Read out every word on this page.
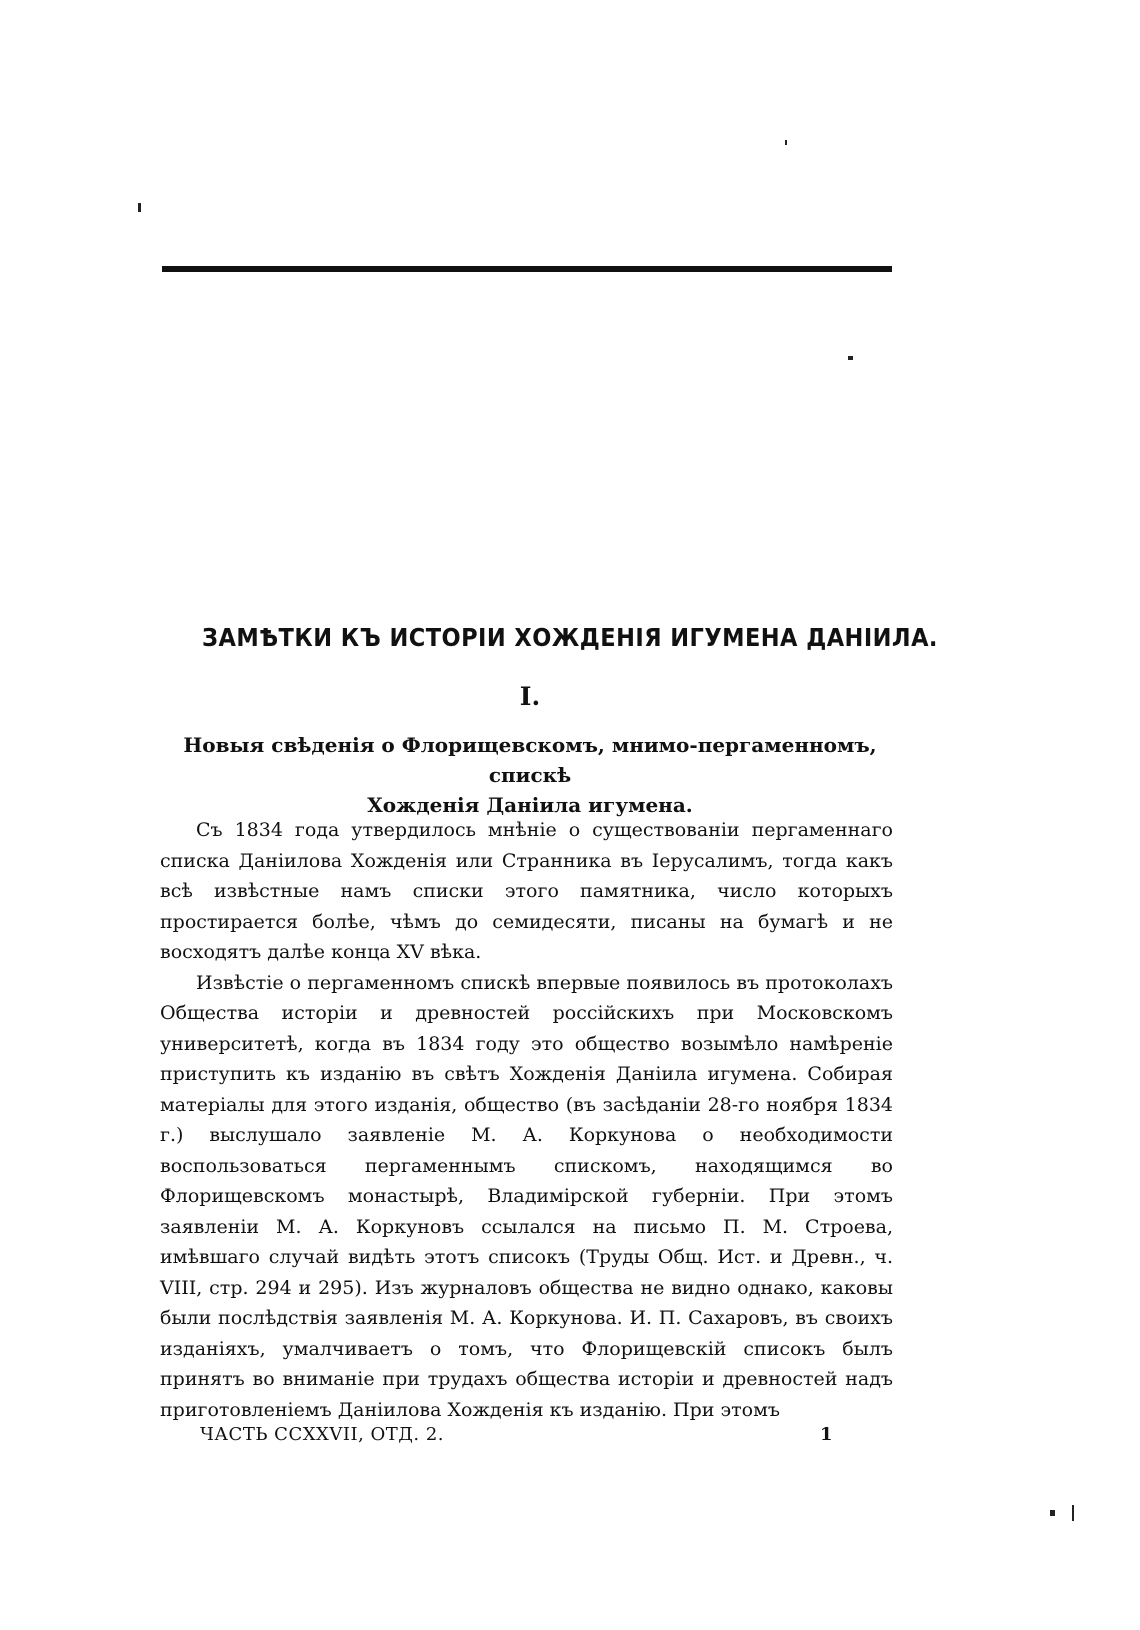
ЗАМѢТКИ КЪ ИСТОРІИ ХОЖДЕНІЯ ИГУМЕНА ДАНІИЛА.
I.
Новыя свѣденія о Флорищевскомъ, мнимо-пергаменномъ, спискѣ
Хожденія Даніила игумена.

Съ 1834 года утвердилось мнѣніе о существованіи пергаменнаго списка Даніилова Хожденія или Странника въ Іерусалимъ, тогда какъ всѣ извѣстные намъ списки этого памятника, число которыхъ простирается болѣе, чѣмъ до семидесяти, писаны на бумагѣ и не восходятъ далѣе конца XV вѣка.

Извѣстіе о пергаменномъ спискѣ впервые появилось въ протоколахъ Общества исторіи и древностей россійскихъ при Московскомъ университетѣ, когда въ 1834 году это общество возымѣло намѣреніе приступить къ изданію въ свѣтъ Хожденія Даніила игумена. Собирая матеріалы для этого изданія, общество (въ засѣданіи 28-го ноября 1834 г.) выслушало заявленіе М. А. Коркунова о необходимости воспользоваться пергаменнымъ спискомъ, находящимся во Флорищевскомъ монастырѣ, Владимірской губерніи. При этомъ заявленіи М. А. Коркуновъ ссылался на письмо П. М. Строева, имѣвшаго случай видѣть этотъ списокъ (Труды Общ. Ист. и Древн., ч. VIII, стр. 294 и 295). Изъ журналовъ общества не видно однако, каковы были послѣдствія заявленія М. А. Коркунова. И. П. Сахаровъ, въ своихъ изданіяхъ, умалчиваетъ о томъ, что Флорищевскій списокъ былъ принятъ во вниманіе при трудахъ общества исторіи и древностей надъ приготовленіемъ Даніилова Хожденія къ изданію. При этомъ

ЧАСТЬ CCXXVII, ОТД. 2.	1
